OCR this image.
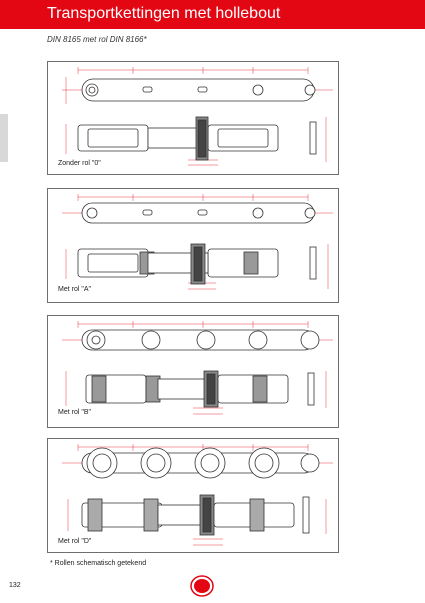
Transportkettingen met hollebout
DIN 8165 met rol DIN 8166*
Zonder rol "0"
Met rol "A"
Met rol "B"
Met rol "D"
* Rollen schematisch getekend
132
